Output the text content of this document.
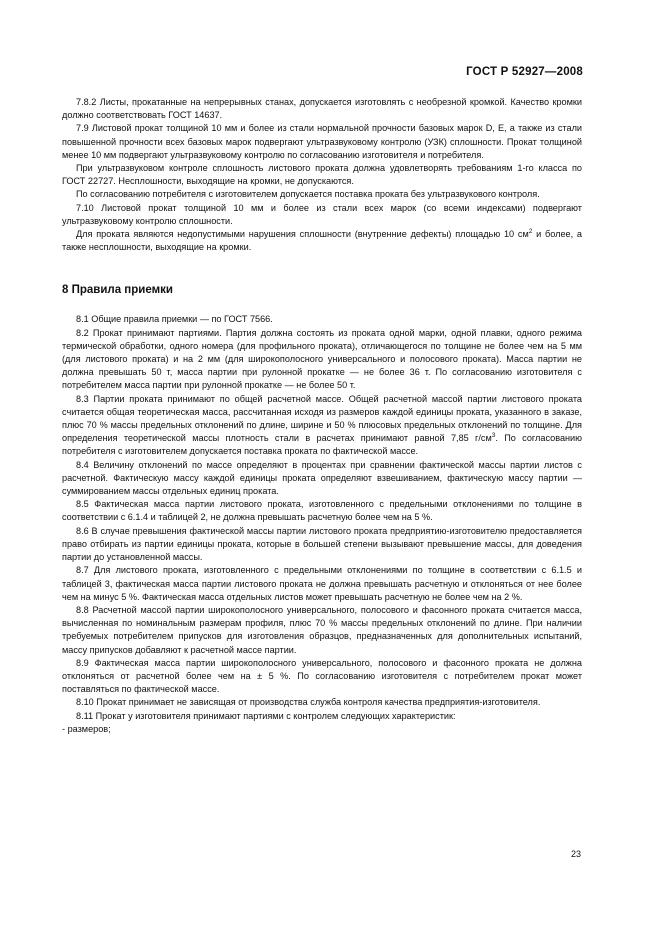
ГОСТ Р 52927—2008

7.8.2 Листы, прокатанные на непрерывных станах, допускается изготовлять с необрезной кромкой. Качество кромки должно соответствовать ГОСТ 14637.

7.9 Листовой прокат толщиной 10 мм и более из стали нормальной прочности базовых марок D, E, а также из стали повышенной прочности всех базовых марок подвергают ультразвуковому контролю (УЗК) сплошности. Прокат толщиной менее 10 мм подвергают ультразвуковому контролю по согласованию изготовителя и потребителя.

При ультразвуковом контроле сплошность листового проката должна удовлетворять требованиям 1-го класса по ГОСТ 22727. Несплошности, выходящие на кромки, не допускаются.

По согласованию потребителя с изготовителем допускается поставка проката без ультразвукового контроля.

7.10 Листовой прокат толщиной 10 мм и более из стали всех марок (со всеми индексами) подвергают ультразвуковому контролю сплошности.

Для проката являются недопустимыми нарушения сплошности (внутренние дефекты) площадью 10 $см^2$ и более, а также несплошности, выходящие на кромки.

8 Правила приемки

8.1 Общие правила приемки — по ГОСТ 7566.

8.2 Прокат принимают партиями. Партия должна состоять из проката одной марки, одной плавки, одного режима термической обработки, одного номера (для профильного проката), отличающегося по толщине не более чем на 5 мм (для листового проката) и на 2 мм (для широкополосного универсального и полосового проката). Масса партии не должна превышать 50 т, масса партии при рулонной прокатке — не более 36 т. По согласованию изготовителя с потребителем масса партии при рулонной прокатке — не более 50 т.

8.3 Партии проката принимают по общей расчетной массе. Общей расчетной массой партии листового проката считается общая теоретическая масса, рассчитанная исходя из размеров каждой единицы проката, указанного в заказе, плюс 70 % массы предельных отклонений по длине, ширине и 50 % плюсовых предельных отклонений по толщине. Для определения теоретической массы плотность стали в расчетах принимают равной 7,85 $г/см^3$. По согласованию потребителя с изготовителем допускается поставка проката по фактической массе.

8.4 Величину отклонений по массе определяют в процентах при сравнении фактической массы партии листов с расчетной. Фактическую массу каждой единицы проката определяют взвешиванием, фактическую массу партии — суммированием массы отдельных единиц проката.

8.5 Фактическая масса партии листового проката, изготовленного с предельными отклонениями по толщине в соответствии с 6.1.4 и таблицей 2, не должна превышать расчетную более чем на 5 %.

8.6 В случае превышения фактической массы партии листового проката предприятию-изготовителю предоставляется право отбирать из партии единицы проката, которые в большей степени вызывают превышение массы, для доведения партии до установленной массы.

8.7 Для листового проката, изготовленного с предельными отклонениями по толщине в соответствии с 6.1.5 и таблицей 3, фактическая масса партии листового проката не должна превышать расчетную и отклоняться от нее более чем на минус 5 %. Фактическая масса отдельных листов может превышать расчетную не более чем на 2 %.

8.8 Расчетной массой партии широкополосного универсального, полосового и фасонного проката считается масса, вычисленная по номинальным размерам профиля, плюс 70 % массы предельных отклонений по длине. При наличии требуемых потребителем припусков для изготовления образцов, предназначенных для дополнительных испытаний, массу припусков добавляют к расчетной массе партии.

8.9 Фактическая масса партии широкополосного универсального, полосового и фасонного проката не должна отклоняться от расчетной более чем на ± 5 %. По согласованию изготовителя с потребителем прокат может поставляться по фактической массе.

8.10 Прокат принимает не зависящая от производства служба контроля качества предприятия-изготовителя.

8.11 Прокат у изготовителя принимают партиями с контролем следующих характеристик:

- размеров;

23
